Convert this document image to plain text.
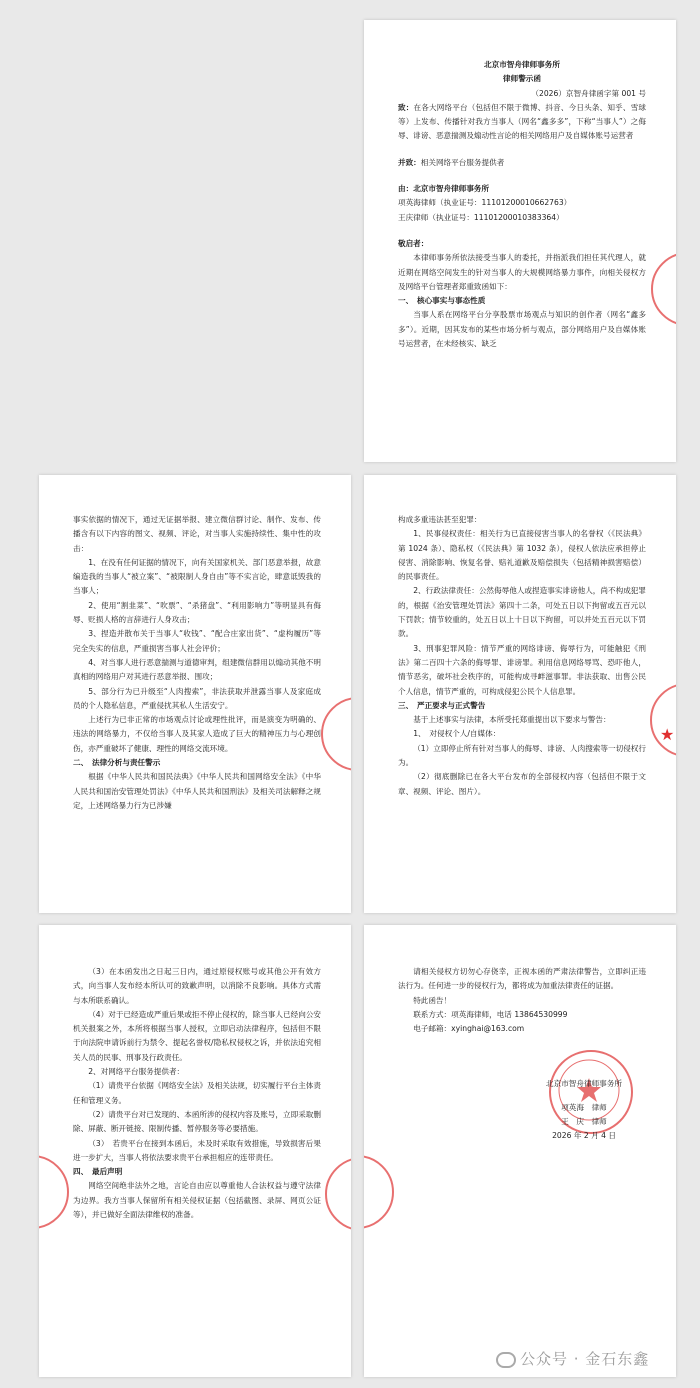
北京市智舟律师事务所

律师警示函

（2026）京智舟律函字第 001 号

致：在各大网络平台（包括但不限于微博、抖音、今日头条、知乎、雪球等）上发布、传播针对我方当事人（网名“鑫多多”，下称“当事人”）之侮辱、诽谤、恶意揣测及煽动性言论的相关网络用户及自媒体账号运营者

并致：相关网络平台服务提供者

由：北京市智舟律师事务所

项英海律师（执业证号：11101200010662763）

王庆律师（执业证号：11101200010383364）

敬启者：

本律师事务所依法接受当事人的委托，并指派我们担任其代理人，就近期在网络空间发生的针对当事人的大规模网络暴力事件，向相关侵权方及网络平台管理者郑重致函如下：

一、　核心事实与事态性质

当事人系在网络平台分享股票市场观点与知识的创作者（网名“鑫多多”）。近期，因其发布的某些市场分析与观点，部分网络用户及自媒体账号运营者，在未经核实、缺乏

事实依据的情况下，通过无证据举报、建立微信群讨论、制作、发布、传播含有以下内容的图文、视频、评论，对当事人实施持续性、集中性的攻击：

1、在没有任何证据的情况下，向有关国家机关、部门恶意举报，故意编造我的当事人“被立案”、“被限制人身自由”等不实言论，肆意诋毁我的当事人；

2、使用“割韭菜”、“吹票”、“杀猪盘”、“利用影响力”等明显具有侮辱、贬损人格的言辞进行人身攻击；

3、捏造并散布关于当事人“收钱”、“配合庄家出货”、“虚构履历”等完全失实的信息，严重损害当事人社会评价；

4、对当事人进行恶意揣测与道德审判，组建微信群用以煽动其他不明真相的网络用户对其进行恶意举报、围攻；

5、部分行为已升级至“人肉搜索”，非法获取并泄露当事人及家庭成员的个人隐私信息，严重侵扰其私人生活安宁。

上述行为已非正常的市场观点讨论或理性批评，而是演变为明确的、违法的网络暴力，不仅给当事人及其家人造成了巨大的精神压力与心理创伤，亦严重破坏了健康、理性的网络交流环境。

二、　法律分析与责任警示

根据《中华人民共和国民法典》《中华人民共和国网络安全法》《中华人民共和国治安管理处罚法》《中华人民共和国刑法》及相关司法解释之规定，上述网络暴力行为已涉嫌

构成多重违法甚至犯罪：

1、民事侵权责任：相关行为已直接侵害当事人的名誉权（《民法典》第 1024 条）、隐私权（《民法典》第 1032 条），侵权人依法应承担停止侵害、消除影响、恢复名誉、赔礼道歉及赔偿损失（包括精神损害赔偿）的民事责任。

2、行政法律责任：公然侮辱他人或捏造事实诽谤他人，尚不构成犯罪的，根据《治安管理处罚法》第四十二条，可处五日以下拘留或五百元以下罚款；情节较重的，处五日以上十日以下拘留，可以并处五百元以下罚款。

3、刑事犯罪风险：情节严重的网络诽谤、侮辱行为，可能触犯《刑法》第二百四十六条的侮辱罪、诽谤罪。利用信息网络辱骂、恐吓他人，情节恶劣，破坏社会秩序的，可能构成寻衅滋事罪。非法获取、出售公民个人信息，情节严重的，可构成侵犯公民个人信息罪。

三、　严正要求与正式警告

基于上述事实与法律，本所受托郑重提出以下要求与警告：

1、　对侵权个人/自媒体：

（1）立即停止所有针对当事人的侮辱、诽谤、人肉搜索等一切侵权行为。

（2）彻底删除已在各大平台发布的全部侵权内容（包括但不限于文章、视频、评论、图片）。

★

（3）在本函发出之日起三日内，通过原侵权账号或其他公开有效方式，向当事人发布经本所认可的致歉声明，以消除不良影响。具体方式需与本所联系确认。

（4）对于已经造成严重后果或拒不停止侵权的，除当事人已经向公安机关报案之外，本所将根据当事人授权，立即启动法律程序，包括但不限于向法院申请诉前行为禁令、提起名誉权/隐私权侵权之诉，并依法追究相关人员的民事、刑事及行政责任。

2、对网络平台服务提供者：

（1）请贵平台依据《网络安全法》及相关法规，切实履行平台主体责任和管理义务。

（2）请贵平台对已发现的、本函所涉的侵权内容及账号，立即采取删除、屏蔽、断开链接、限制传播、暂停服务等必要措施。

（3）　若贵平台在接到本函后，未及时采取有效措施，导致损害后果进一步扩大，当事人将依法要求贵平台承担相应的连带责任。

四、　最后声明

网络空间绝非法外之地，言论自由应以尊重他人合法权益与遵守法律为边界。我方当事人保留所有相关侵权证据（包括截图、录屏、网页公证等），并已做好全面法律维权的准备。

请相关侵权方切勿心存侥幸，正视本函的严肃法律警告，立即纠正违法行为。任何进一步的侵权行为，都将成为加重法律责任的证据。

特此函告！

联系方式：项英海律师，电话 13864530999

电子邮箱：xyinghai@163.com

北京市智舟律师事务所

项英海　律师

王　庆　律师

2026 年 2 月 4 日

公众号 · 金石东鑫
